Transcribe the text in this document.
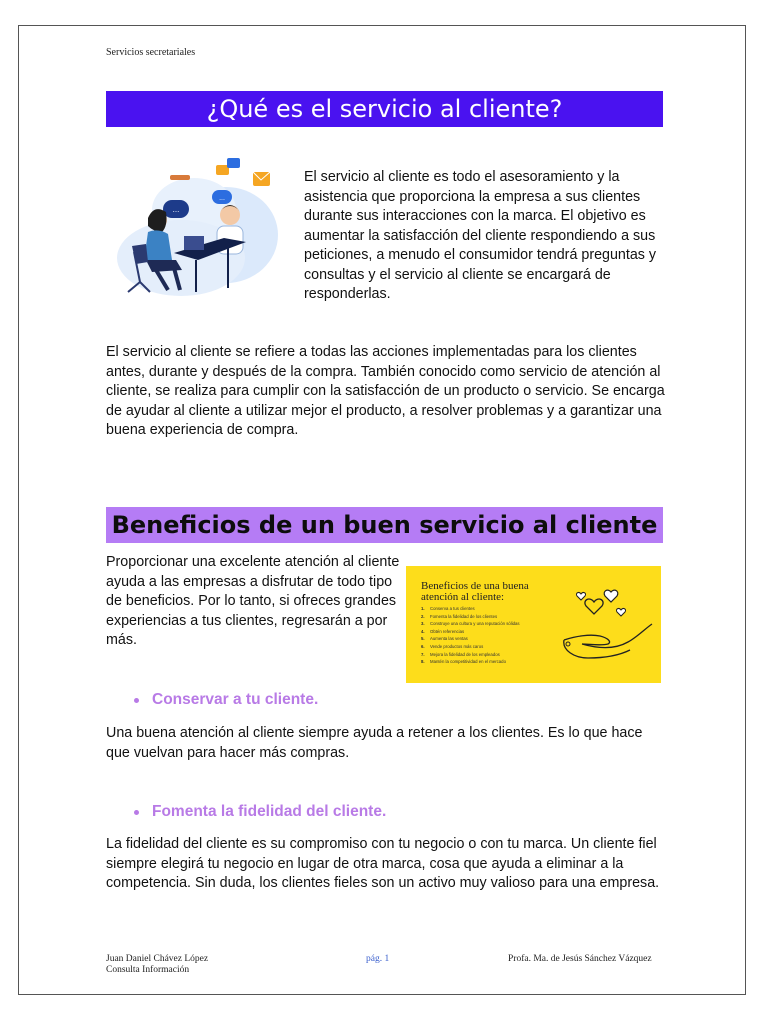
Servicios secretariales
¿Qué es el servicio al cliente?
...
...

El servicio al cliente es todo el asesoramiento y la asistencia que proporciona la empresa a sus clientes durante sus interacciones con la marca. El objetivo es aumentar la satisfacción del cliente respondiendo a sus peticiones, a menudo el consumidor tendrá preguntas y consultas y el servicio al cliente se encargará de responderlas.

El servicio al cliente se refiere a todas las acciones implementadas para los clientes antes, durante y después de la compra. También conocido como servicio de atención al cliente, se realiza para cumplir con la satisfacción de un producto o servicio. Se encarga de ayudar al cliente a utilizar mejor el producto, a resolver problemas y a garantizar una buena experiencia de compra.

Beneficios de un buen servicio al cliente

Proporcionar una excelente atención al cliente ayuda a las empresas a disfrutar de todo tipo de beneficios. Por lo tanto, si ofreces grandes experiencias a tus clientes, regresarán a por más.

Beneficios de una buena atención al cliente:
1. Conserva a tus clientes
2. Fomenta la fidelidad de los clientes
3. Construye una cultura y una reputación sólidas
4. Obtén referencias
5. Aumenta las ventas
6. Vende productos más caros
7. Mejora la fidelidad de los empleados
8. Mantén la competitividad en el mercado
Conservar a tu cliente.

Una buena atención al cliente siempre ayuda a retener a los clientes. Es lo que hace que vuelvan para hacer más compras.

Fomenta la fidelidad del cliente.

La fidelidad del cliente es su compromiso con tu negocio o con tu marca. Un cliente fiel siempre elegirá tu negocio en lugar de otra marca, cosa que ayuda a eliminar a la competencia. Sin duda, los clientes fieles son un activo muy valioso para una empresa.

Juan Daniel Chávez López
Consulta Información
pág. 1	Profa. Ma. de Jesús Sánchez Vázquez
